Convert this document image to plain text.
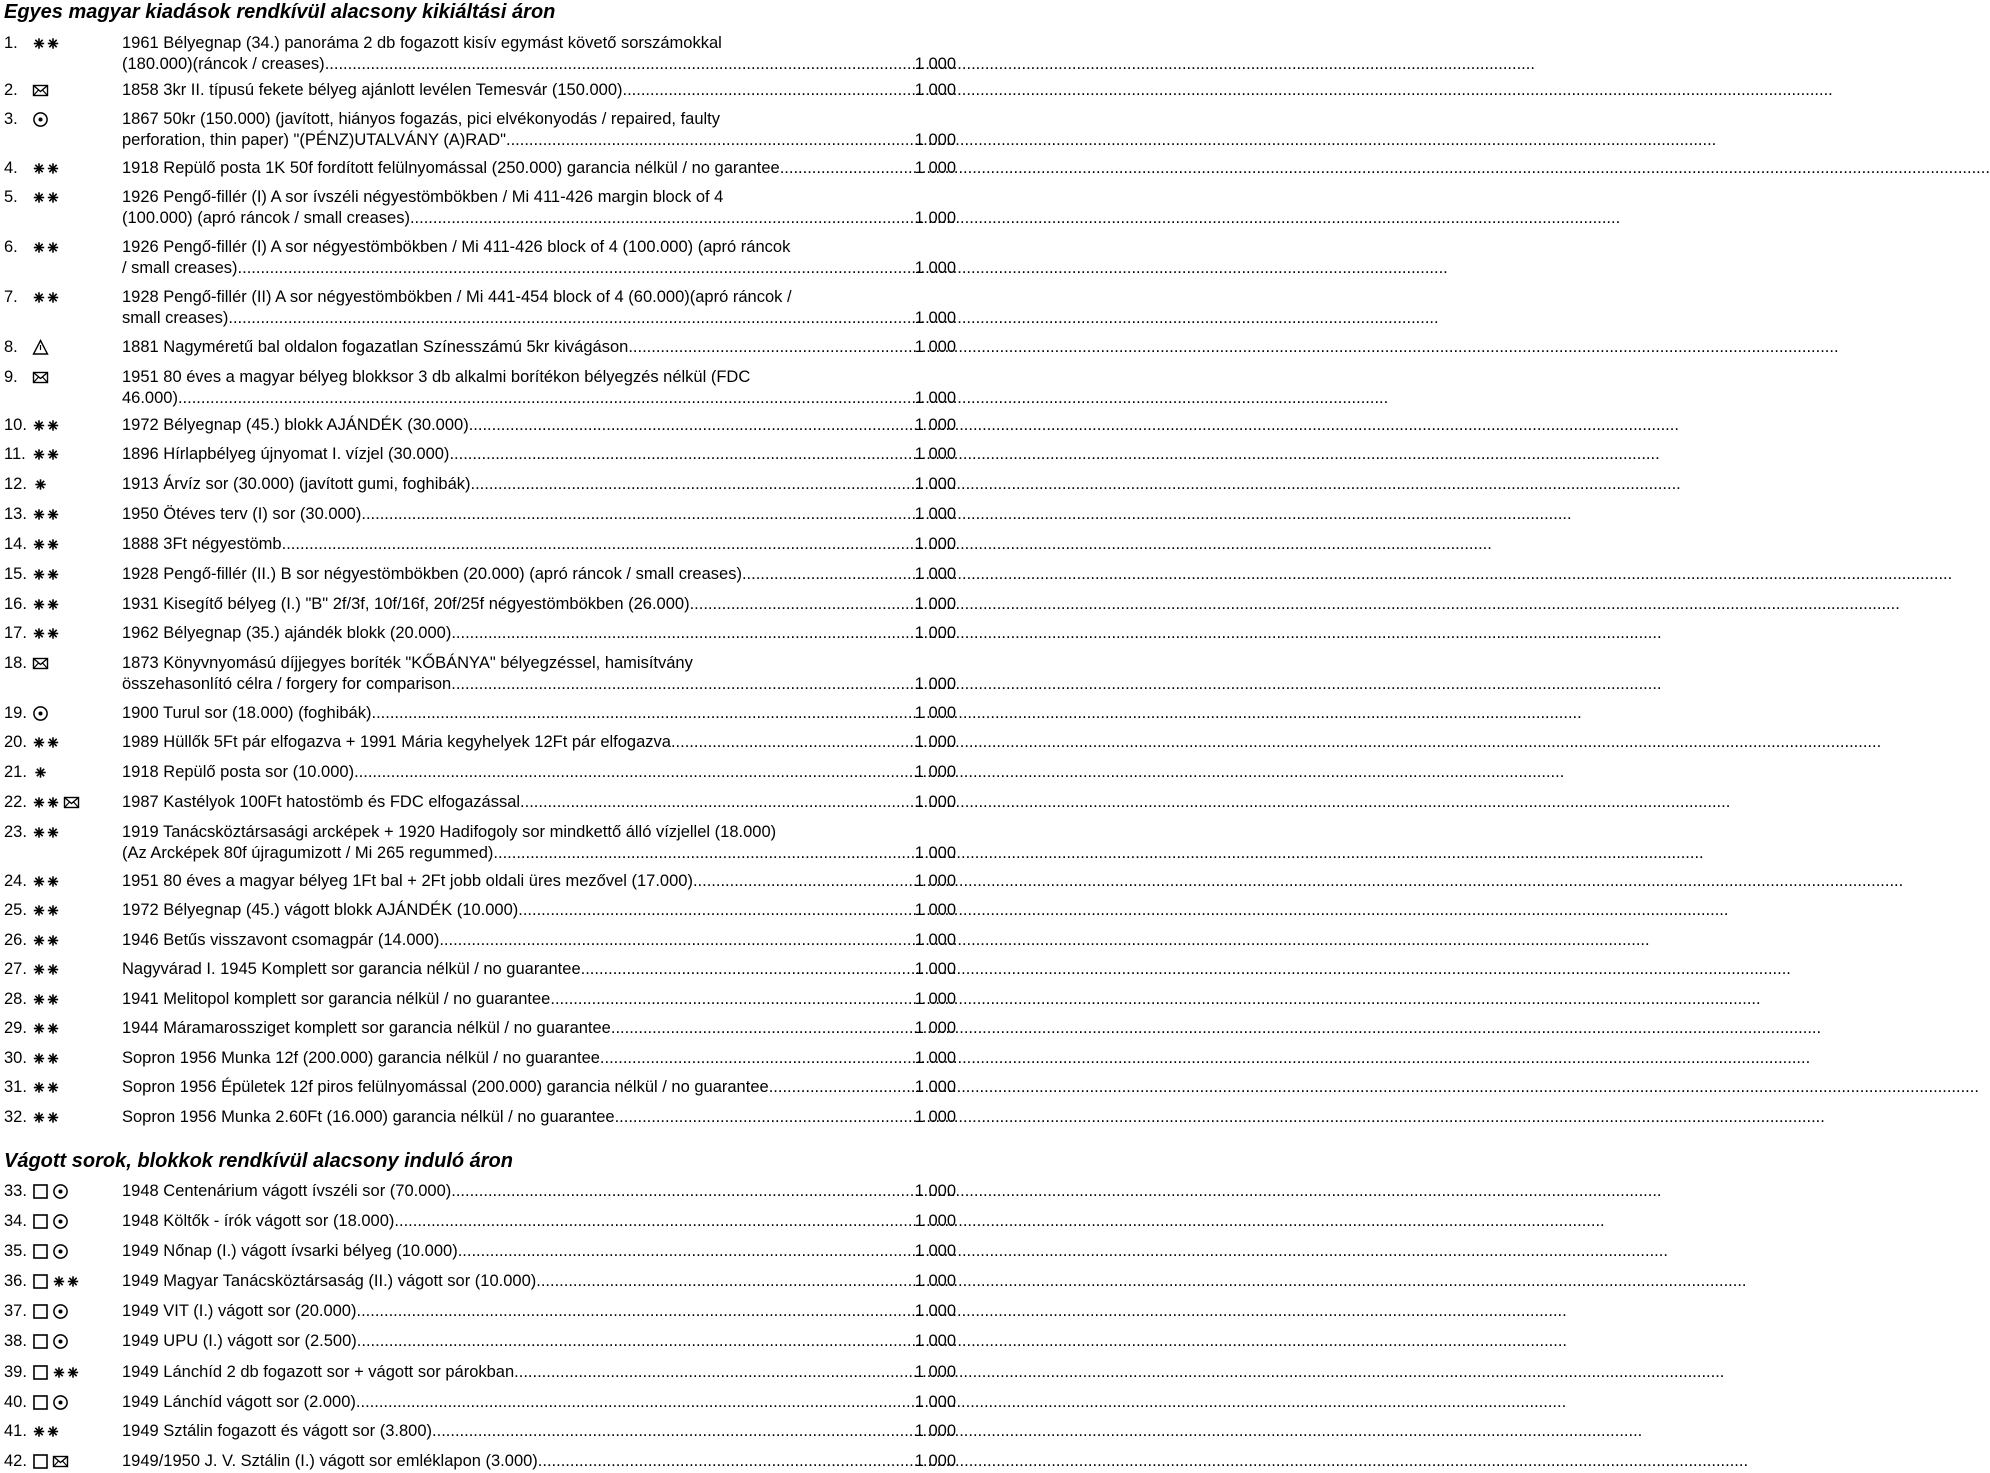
Egyes magyar kiadások rendkívül alacsony kikiáltási áron
Vágott sorok, blokkok rendkívül alacsony induló áron
1.	1961 Bélyegnap (34.) panoráma 2 db fogazott kisív egymást követő sorszámokkal
(180.000)(ráncok / creases) .....	1 000
2.	1858 3kr II. típusú fekete bélyeg ajánlott levélen Temesvár (150.000) .....	1 000
3.	1867 50kr (150.000) (javított, hiányos fogazás, pici elvékonyodás / repaired, faulty
perforation, thin paper) "(PÉNZ)UTALVÁNY (A)RAD" .....	1 000
4.	1918 Repülő posta 1K 50f fordított felülnyomással (250.000) garancia nélkül / no garantee .....	1 000
5.	1926 Pengő-fillér (I) A sor ívszéli négyestömbökben / Mi 411-426 margin block of 4
(100.000) (apró ráncok / small creases) .....	1 000
6.	1926 Pengő-fillér (I) A sor négyestömbökben / Mi 411-426 block of 4 (100.000) (apró ráncok
/ small creases) .....	1 000
7.	1928 Pengő-fillér (II) A sor négyestömbökben / Mi 441-454 block of 4 (60.000)(apró ráncok /
small creases) .....	1 000
8.	1881 Nagyméretű bal oldalon fogazatlan Színesszámú 5kr kivágáson .....	1 000
9.	1951 80 éves a magyar bélyeg blokksor 3 db alkalmi borítékon bélyegzés nélkül (FDC
46.000) .....	1 000
10.	1972 Bélyegnap (45.) blokk AJÁNDÉK (30.000) .....	1 000
11.	1896 Hírlapbélyeg újnyomat I. vízjel (30.000) .....	1 000
12.	1913 Árvíz sor (30.000) (javított gumi, foghibák) .....	1 000
13.	1950 Ötéves terv (I) sor (30.000) .....	1 000
14.	1888 3Ft négyestömb .....	1 000
15.	1928 Pengő-fillér (II.) B sor négyestömbökben (20.000) (apró ráncok / small creases) .....	1 000
16.	1931 Kisegítő bélyeg (I.) "B" 2f/3f, 10f/16f, 20f/25f négyestömbökben (26.000) .....	1 000
17.	1962 Bélyegnap (35.) ajándék blokk (20.000) .....	1 000
18.	1873 Könyvnyomású díjjegyes boríték "KŐBÁNYA" bélyegzéssel, hamisítvány
összehasonlító célra / forgery for comparison .....	1 000
19.	1900 Turul sor (18.000) (foghibák) .....	1 000
20.	1989 Hüllők 5Ft pár elfogazva + 1991 Mária kegyhelyek 12Ft pár elfogazva .....	1 000
21.	1918 Repülő posta sor (10.000) .....	1 000
22.	1987 Kastélyok 100Ft hatostömb és FDC elfogazással .....	1 000
23.	1919 Tanácsköztársasági arcképek + 1920 Hadifogoly sor mindkettő álló vízjellel (18.000)
(Az Arcképek 80f újragumizott / Mi 265 regummed) .....	1 000
24.	1951 80 éves a magyar bélyeg 1Ft bal + 2Ft jobb oldali üres mezővel (17.000) .....	1 000
25.	1972 Bélyegnap (45.) vágott blokk AJÁNDÉK (10.000) .....	1 000
26.	1946 Betűs visszavont csomagpár (14.000) .....	1 000
27.	Nagyvárad I. 1945 Komplett sor garancia nélkül / no guarantee .....	1 000
28.	1941 Melitopol komplett sor garancia nélkül / no guarantee .....	1 000
29.	1944 Máramarossziget komplett sor garancia nélkül / no guarantee .....	1 000
30.	Sopron 1956 Munka 12f (200.000) garancia nélkül / no guarantee .....	1 000
31.	Sopron 1956 Épületek 12f piros felülnyomással (200.000) garancia nélkül / no guarantee .....	1 000
32.	Sopron 1956 Munka 2.60Ft (16.000) garancia nélkül / no guarantee .....	1 000
33.	1948 Centenárium vágott ívszéli sor (70.000) .....	1 000
34.	1948 Költők - írók vágott sor (18.000) .....	1 000
35.	1949 Nőnap (I.) vágott ívsarki bélyeg (10.000) .....	1 000
36.	1949 Magyar Tanácsköztársaság (II.) vágott sor (10.000) .....	1 000
37.	1949 VIT (I.) vágott sor (20.000) .....	1 000
38.	1949 UPU (I.) vágott sor (2.500) .....	1 000
39.	1949 Lánchíd 2 db fogazott sor + vágott sor párokban .....	1 000
40.	1949 Lánchíd vágott sor (2.000) .....	1 000
41.	1949 Sztálin fogazott és vágott sor (3.800) .....	1 000
42.	1949/1950 J. V. Sztálin (I.) vágott sor emléklapon (3.000) .....	1 000
